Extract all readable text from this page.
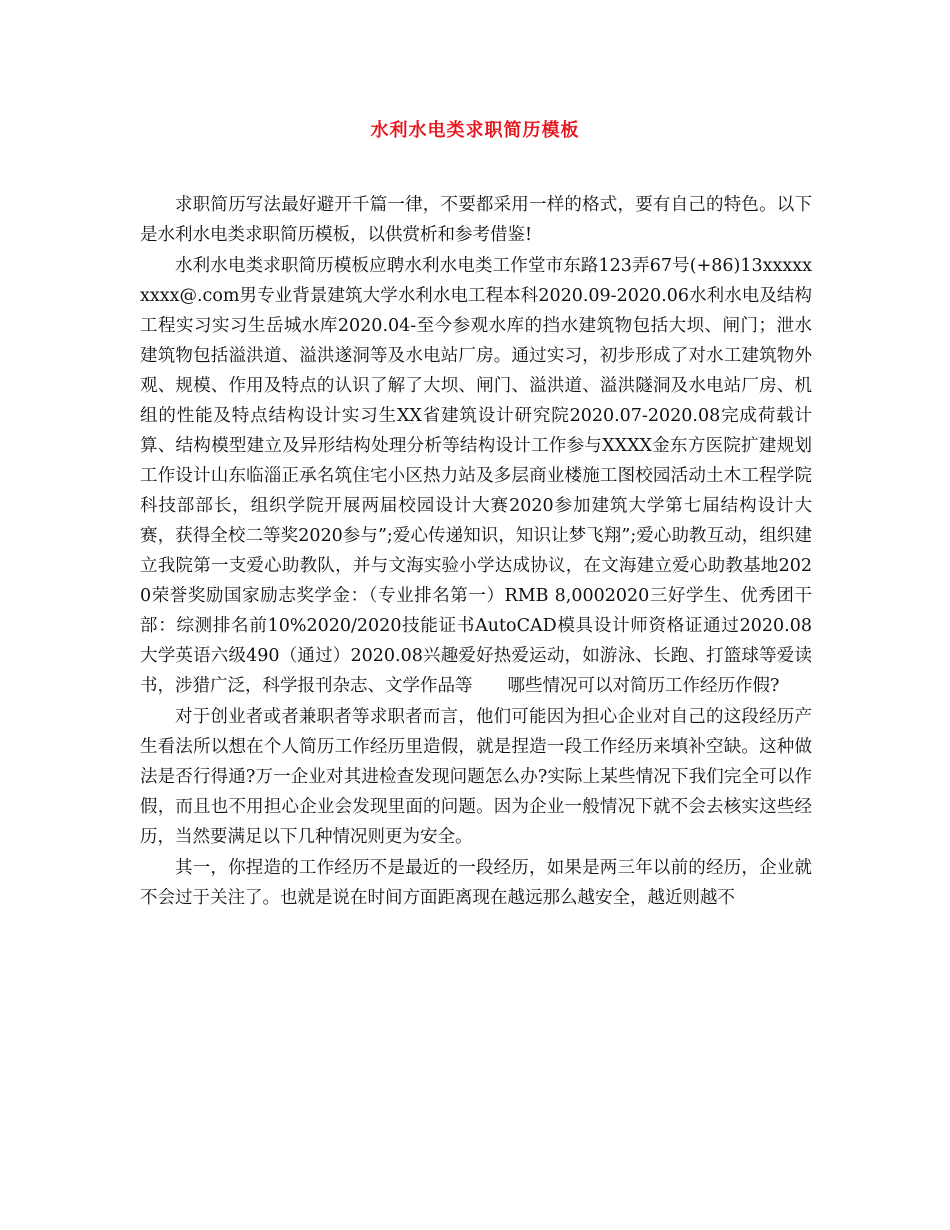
水利水电类求职简历模板

求职简历写法最好避开千篇一律，不要都采用一样的格式，要有自己的特色。以下是水利水电类求职简历模板，以供赏析和参考借鉴!

水利水电类求职简历模板应聘水利水电类工作堂市东路123弄67号(+86)13xxxxxxxxx@.com男专业背景建筑大学水利水电工程本科2020.09-2020.06水利水电及结构工程实习实习生岳城水库2020.04-至今参观水库的挡水建筑物包括大坝、闸门；泄水建筑物包括溢洪道、溢洪遂洞等及水电站厂房。通过实习，初步形成了对水工建筑物外观、规模、作用及特点的认识了解了大坝、闸门、溢洪道、溢洪隧洞及水电站厂房、机组的性能及特点结构设计实习生XX省建筑设计研究院2020.07-2020.08完成荷载计算、结构模型建立及异形结构处理分析等结构设计工作参与XXXX金东方医院扩建规划工作设计山东临淄正承名筑住宅小区热力站及多层商业楼施工图校园活动土木工程学院科技部部长，组织学院开展两届校园设计大赛2020参加建筑大学第七届结构设计大赛，获得全校二等奖2020参与”;爱心传递知识，知识让梦飞翔”;爱心助教互动，组织建立我院第一支爱心助教队，并与文海实验小学达成协议，在文海建立爱心助教基地2020荣誉奖励国家励志奖学金：（专业排名第一）RMB 8,0002020三好学生、优秀团干部：综测排名前10%2020/2020技能证书AutoCAD模具设计师资格证通过2020.08大学英语六级490（通过）2020.08兴趣爱好热爱运动，如游泳、长跑、打篮球等爱读书，涉猎广泛，科学报刊杂志、文学作品等　　哪些情况可以对简历工作经历作假?

对于创业者或者兼职者等求职者而言，他们可能因为担心企业对自己的这段经历产生看法所以想在个人简历工作经历里造假，就是捏造一段工作经历来填补空缺。这种做法是否行得通?万一企业对其进检查发现问题怎么办?实际上某些情况下我们完全可以作假，而且也不用担心企业会发现里面的问题。因为企业一般情况下就不会去核实这些经历，当然要满足以下几种情况则更为安全。

其一，你捏造的工作经历不是最近的一段经历，如果是两三年以前的经历，企业就不会过于关注了。也就是说在时间方面距离现在越远那么越安全，越近则越不
